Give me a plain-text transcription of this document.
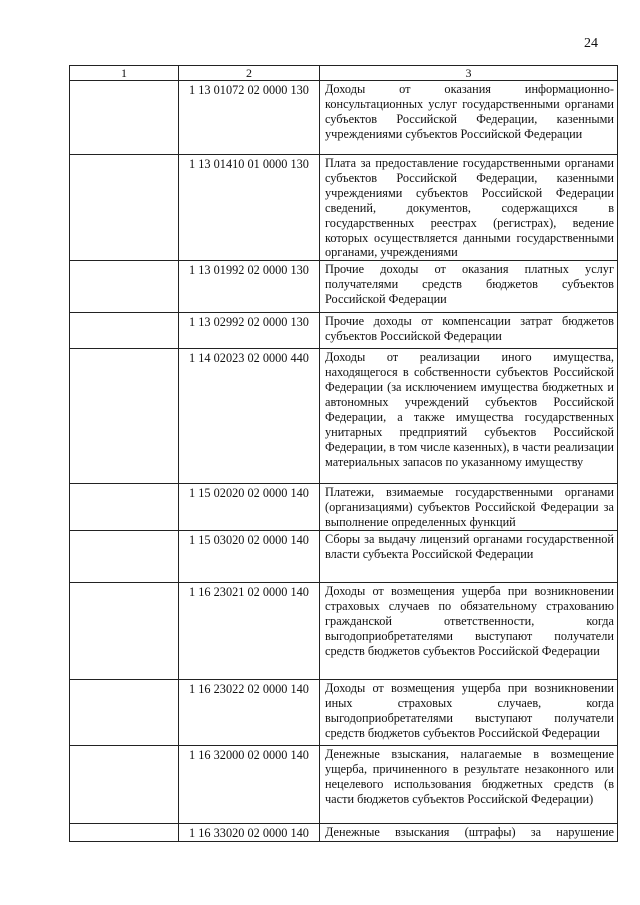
24
1	2	3
	1 13 01072 02 0000 130	Доходы от оказания информационно-консультационных услуг государственными органами субъектов Российской Федерации, казенными учреждениями субъектов Российской Федерации

	1 13 01410 01 0000 130	Плата за предоставление государственными органами субъектов Российской Федерации, казенными учреждениями субъектов Российской Федерации сведений, документов, содержащихся в государственных реестрах (регистрах), ведение которых осуществляется данными государственными органами, учреждениями

	1 13 01992 02 0000 130	Прочие доходы от оказания платных услуг получателями средств бюджетов субъектов Российской Федерации

	1 13 02992 02 0000 130	Прочие доходы от компенсации затрат бюджетов субъектов Российской Федерации

	1 14 02023 02 0000 440	Доходы от реализации иного имущества, находящегося в собственности субъектов Российской Федерации (за исключением имущества бюджетных и автономных учреждений субъектов Российской Федерации, а также имущества государственных унитарных предприятий субъектов Российской Федерации, в том числе казенных), в части реализации материальных запасов по указанному имуществу

	1 15 02020 02 0000 140	Платежи, взимаемые государственными органами (организациями) субъектов Российской Федерации за выполнение определенных функций

	1 15 03020 02 0000 140	Сборы за выдачу лицензий органами государственной власти субъекта Российской Федерации

	1 16 23021 02 0000 140	Доходы от возмещения ущерба при возникновении страховых случаев по обязательному страхованию гражданской ответственности, когда выгодоприобретателями выступают получатели средств бюджетов субъектов Российской Федерации

	1 16 23022 02 0000 140	Доходы от возмещения ущерба при возникновении иных страховых случаев, когда выгодоприобретателями выступают получатели средств бюджетов субъектов Российской Федерации

	1 16 32000 02 0000 140	Денежные взыскания, налагаемые в возмещение ущерба, причиненного в результате незаконного или нецелевого использования бюджетных средств (в части бюджетов субъектов Российской Федерации)

	1 16 33020 02 0000 140	Денежные взыскания (штрафы) за нарушение
